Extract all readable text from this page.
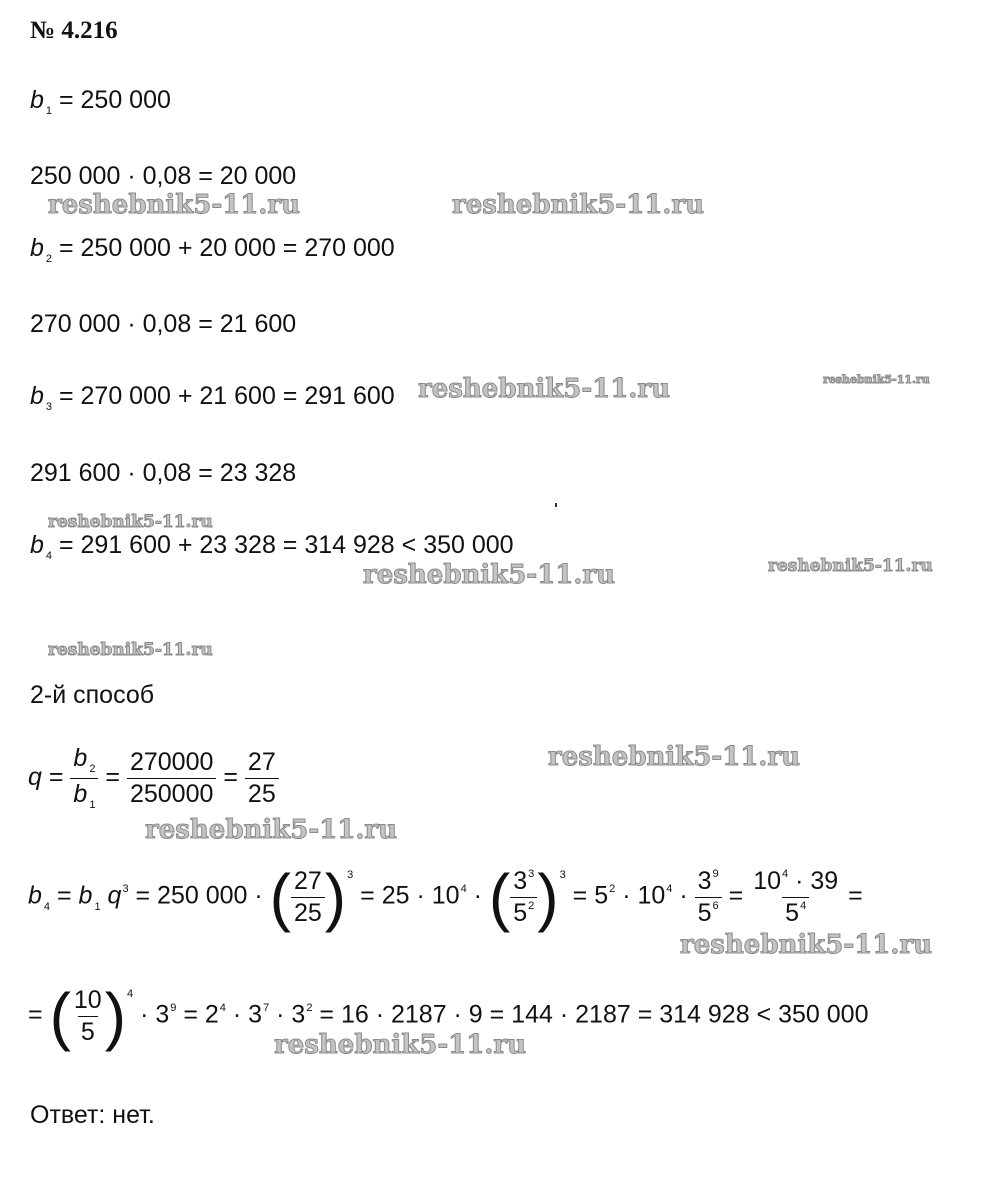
№ 4.216
b $_1$ = 250 000
250 000 · 0,08 = 20 000
b $_2$ = 250 000 + 20 000 = 270 000
270 000 · 0,08 = 21 600
b $_3$ = 270 000 + 21 600 = 291 600
291 600 · 0,08 = 23 328
b $_4$ = 291 600 + 23 328 = 314 928 < 350 000
2-й способ
$q = \frac{b _2}{b _1} = \frac{270000}{250000} = \frac{27}{25}$
b $_4$ = b $_1$ $q^3 = 250$ 000 · ( $\frac{27}{25} )^3 = 25 \cdot 10^4$ · ( $\frac{3^3}{5^2} )^3 = 5^2 \cdot 10^4 \cdot \frac{3^9}{5^6} = \frac{10^4 \cdot 39}{5^4}$ =
= ( $\frac{10}{5} )^4 \cdot 3^9 = 2^4 \cdot 3^7 \cdot 3^2 = 16 \cdot 2187 \cdot 9 = 144 \cdot 2187 = 314$ 928 < 350 000
Ответ: нет.
reshebnik5-11.ru	reshebnik5-11.ru
reshebnik5-11.ru	reshebnik5-11.ru
reshebnik5-11.ru
reshebnik5-11.ru	reshebnik5-11.ru
reshebnik5-11.ru
reshebnik5-11.ru
reshebnik5-11.ru
reshebnik5-11.ru
reshebnik5-11.ru
